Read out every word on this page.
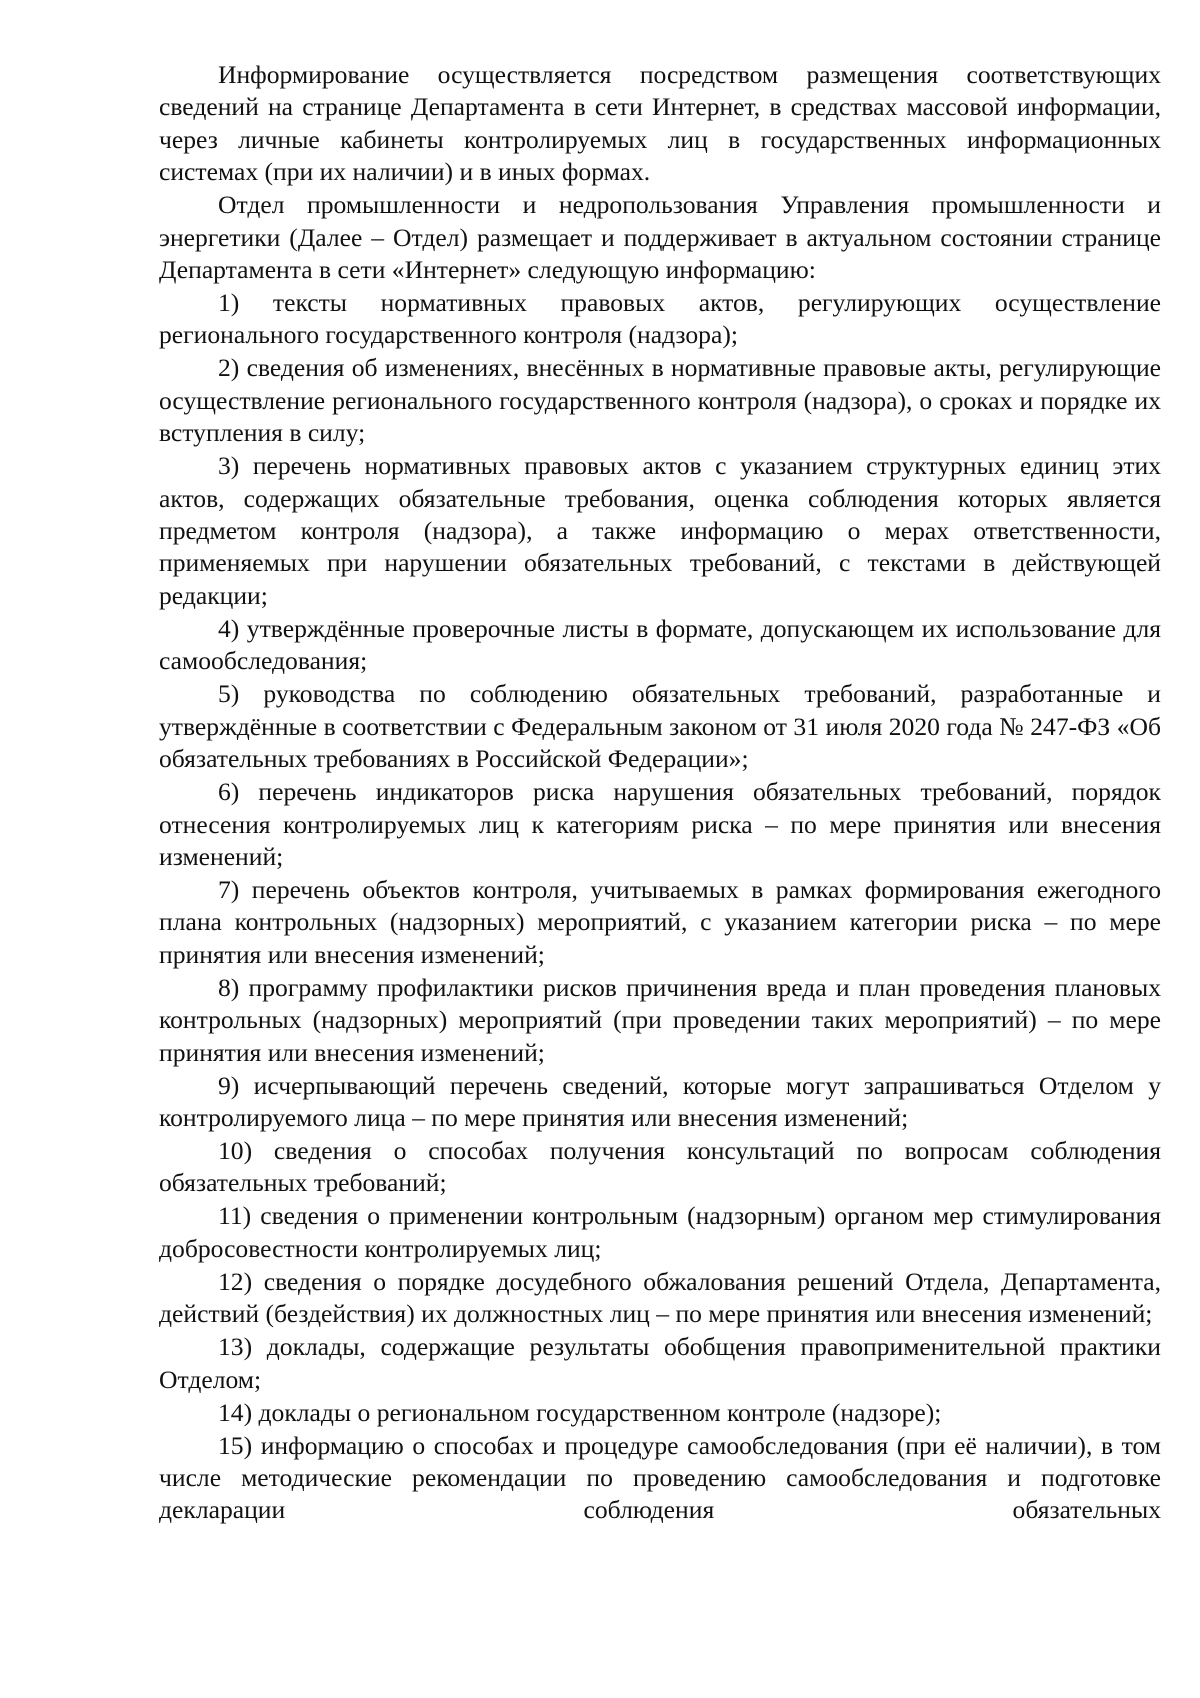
Информирование осуществляется посредством размещения соответствующих сведений на странице Департамента в сети Интернет, в средствах массовой информации, через личные кабинеты контролируемых лиц в государственных информационных системах (при их наличии) и в иных формах.

Отдел промышленности и недропользования Управления промышленности и энергетики (Далее – Отдел) размещает и поддерживает в актуальном состоянии странице Департамента в сети «Интернет» следующую информацию:

1) тексты нормативных правовых актов, регулирующих осуществление регионального государственного контроля (надзора);

2) сведения об изменениях, внесённых в нормативные правовые акты, регулирующие осуществление регионального государственного контроля (надзора), о сроках и порядке их вступления в силу;

3) перечень нормативных правовых актов с указанием структурных единиц этих актов, содержащих обязательные требования, оценка соблюдения которых является предметом контроля (надзора), а также информацию о мерах ответственности, применяемых при нарушении обязательных требований, с текстами в действующей редакции;

4) утверждённые проверочные листы в формате, допускающем их использование для самообследования;

5) руководства по соблюдению обязательных требований, разработанные и утверждённые в соответствии с Федеральным законом от 31 июля 2020 года № 247-ФЗ «Об обязательных требованиях в Российской Федерации»;

6) перечень индикаторов риска нарушения обязательных требований, порядок отнесения контролируемых лиц к категориям риска – по мере принятия или внесения изменений;

7) перечень объектов контроля, учитываемых в рамках формирования ежегодного плана контрольных (надзорных) мероприятий, с указанием категории риска – по мере принятия или внесения изменений;

8) программу профилактики рисков причинения вреда и план проведения плановых контрольных (надзорных) мероприятий (при проведении таких мероприятий) – по мере принятия или внесения изменений;

9) исчерпывающий перечень сведений, которые могут запрашиваться Отделом у контролируемого лица – по мере принятия или внесения изменений;

10) сведения о способах получения консультаций по вопросам соблюдения обязательных требований;

11) сведения о применении контрольным (надзорным) органом мер стимулирования добросовестности контролируемых лиц;

12) сведения о порядке досудебного обжалования решений Отдела, Департамента, действий (бездействия) их должностных лиц – по мере принятия или внесения изменений;

13) доклады, содержащие результаты обобщения правоприменительной практики Отделом;

14) доклады о региональном государственном контроле (надзоре);

15) информацию о способах и процедуре самообследования (при её наличии), в том числе методические рекомендации по проведению самообследования и подготовке декларации соблюдения обязательных
